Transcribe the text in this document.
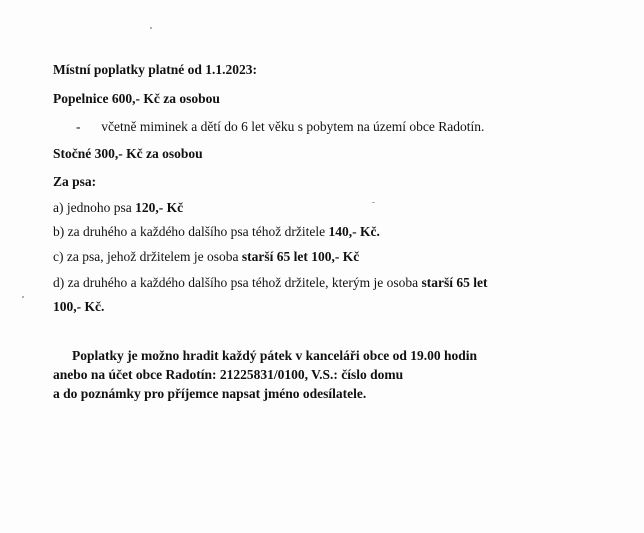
Místní poplatky platné od 1.1.2023:
Popelnice 600,- Kč za osobou
- včetně miminek a dětí do 6 let věku s pobytem na území obce Radotín.
Stočné 300,- Kč za osobou
Za psa:
a) jednoho psa 120,- Kč
b) za druhého a každého dalšího psa téhož držitele 140,- Kč.
c) za psa, jehož držitelem je osoba starší 65 let 100,- Kč
d) za druhého a každého dalšího psa téhož držitele, kterým je osoba starší 65 let
100,- Kč.
Poplatky je možno hradit každý pátek v kanceláři obce od 19.00 hodin
anebo na účet obce Radotín: 21225831/0100, V.S.: číslo domu
a do poznámky pro příjemce napsat jméno odesílatele.
